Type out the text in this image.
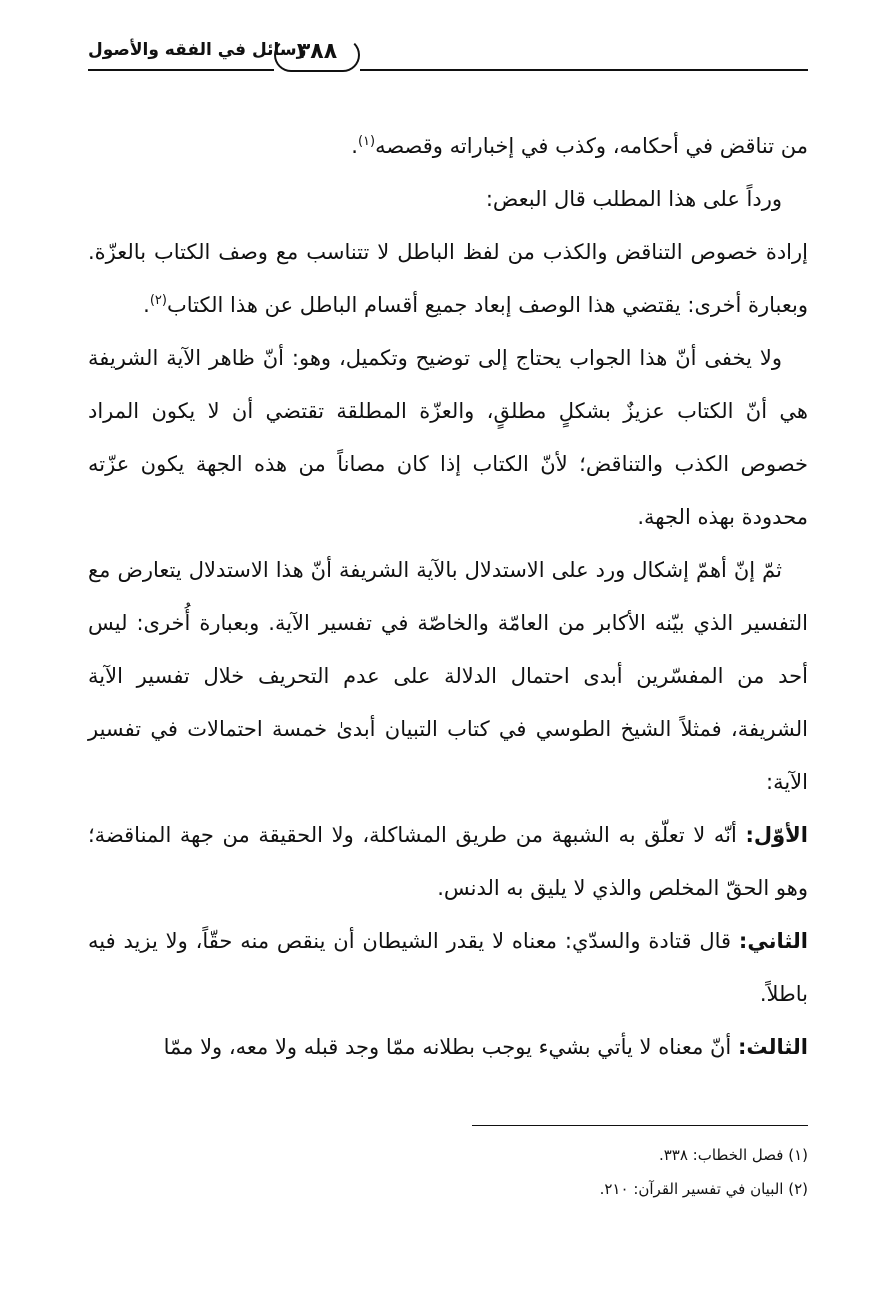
رسائل في الفقه والأصول
٣٨٨

من تناقض في أحكامه، وكذب في إخباراته وقصصه$^{(١)}$.

ورداً على هذا المطلب قال البعض:

إرادة خصوص التناقض والكذب من لفظ الباطل لا تتناسب مع وصف الكتاب بالعزّة. وبعبارة أخرى: يقتضي هذا الوصف إبعاد جميع أقسام الباطل عن هذا الكتاب$^{(٢)}$.

ولا يخفى أنّ هذا الجواب يحتاج إلى توضيح وتكميل، وهو: أنّ ظاهر الآية الشريفة هي أنّ الكتاب عزيزٌ بشكلٍ مطلقٍ، والعزّة المطلقة تقتضي أن لا يكون المراد خصوص الكذب والتناقض؛ لأنّ الكتاب إذا كان مصاناً من هذه الجهة يكون عزّته محدودة بهذه الجهة.

ثمّ إنّ أهمّ إشكال ورد على الاستدلال بالآية الشريفة أنّ هذا الاستدلال يتعارض مع التفسير الذي بيّنه الأكابر من العامّة والخاصّة في تفسير الآية. وبعبارة أُخرى: ليس أحد من المفسّرين أبدى احتمال الدلالة على عدم التحريف خلال تفسير الآية الشريفة، فمثلاً الشيخ الطوسي في كتاب التبيان أبدىٰ خمسة احتمالات في تفسير الآية:

الأوّل: أنّه لا تعلّق به الشبهة من طريق المشاكلة، ولا الحقيقة من جهة المناقضة؛ وهو الحقّ المخلص والذي لا يليق به الدنس.

الثاني: قال قتادة والسدّي: معناه لا يقدر الشيطان أن ينقص منه حقّاً، ولا يزيد فيه باطلاً.

الثالث: أنّ معناه لا يأتي بشيء يوجب بطلانه ممّا وجد قبله ولا معه، ولا ممّا

(١) فصل الخطاب: ٣٣٨.

(٢) البيان في تفسير القرآن: ٢١٠.
